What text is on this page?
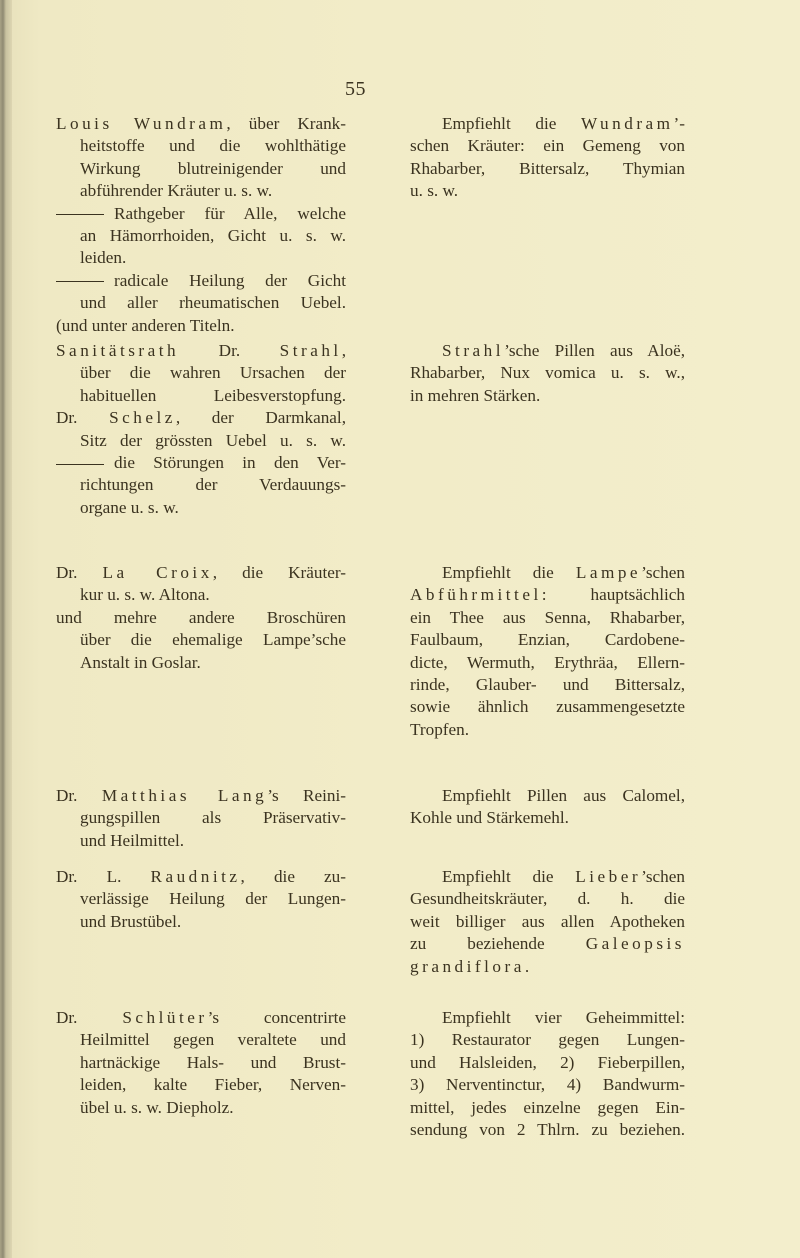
55
Louis Wundram, über Krank-
heitstoffe und die wohlthätige
Wirkung blutreinigender und
abführender Kräuter u. s. w.
Rathgeber für Alle, welche
an Hämorrhoiden, Gicht u. s. w.
leiden.
radicale Heilung der Gicht
und aller rheumatischen Uebel.
(und unter anderen Titeln.
Empfiehlt die Wundram’-
schen Kräuter: ein Gemeng von
Rhabarber, Bittersalz, Thymian
u. s. w.
Sanitätsrath Dr. Strahl,
über die wahren Ursachen der
habituellen Leibesverstopfung.
Dr. Schelz, der Darmkanal,
Sitz der grössten Uebel u. s. w.
die Störungen in den Ver-
richtungen der Verdauungs-
organe u. s. w.
Strahl’sche Pillen aus Aloë,
Rhabarber, Nux vomica u. s. w.,
in mehren Stärken.
Dr. La Croix, die Kräuter-
kur u. s. w. Altona.
und mehre andere Broschüren
über die ehemalige Lampe’sche
Anstalt in Goslar.
Empfiehlt die Lampe’schen
Abführmittel: hauptsächlich
ein Thee aus Senna, Rhabarber,
Faulbaum, Enzian, Cardobene-
dicte, Wermuth, Erythräa, Ellern-
rinde, Glauber- und Bittersalz,
sowie ähnlich zusammengesetzte
Tropfen.
Dr. Matthias Lang’s Reini-
gungspillen als Präservativ-
und Heilmittel.
Empfiehlt Pillen aus Calomel,
Kohle und Stärkemehl.
Dr. L. Raudnitz, die zu-
verlässige Heilung der Lungen-
und Brustübel.
Empfiehlt die Lieber’schen
Gesundheitskräuter, d. h. die
weit billiger aus allen Apotheken
zu beziehende Galeopsis
grandiflora.
Dr. Schlüter’s concentrirte
Heilmittel gegen veraltete und
hartnäckige Hals- und Brust-
leiden, kalte Fieber, Nerven-
übel u. s. w. Diepholz.
Empfiehlt vier Geheimmittel:
1) Restaurator gegen Lungen-
und Halsleiden, 2) Fieberpillen,
3) Nerventinctur, 4) Bandwurm-
mittel, jedes einzelne gegen Ein-
sendung von 2 Thlrn. zu beziehen.
